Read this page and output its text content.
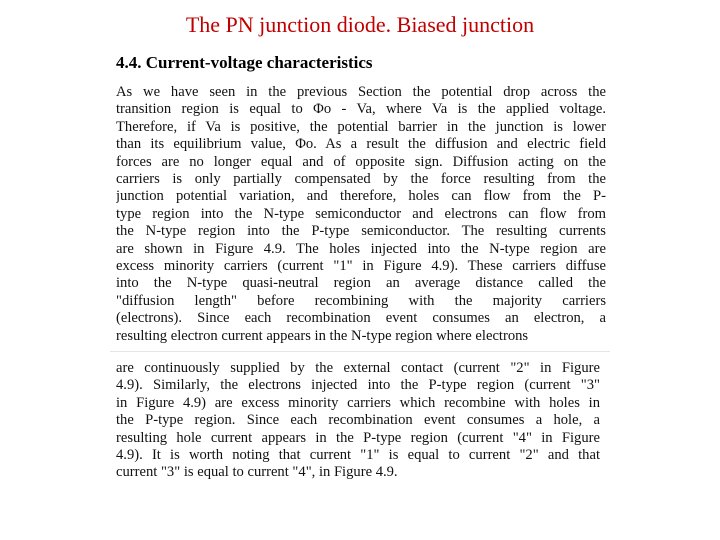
The PN junction diode. Biased junction
4.4. Current-voltage characteristics
As we have seen in the previous Section the potential drop across the
transition region is equal to Φo - Va, where Va is the applied voltage.
Therefore, if Va is positive, the potential barrier in the junction is lower
than its equilibrium value, Φo. As a result the diffusion and electric field
forces are no longer equal and of opposite sign. Diffusion acting on the
carriers is only partially compensated by the force resulting from the
junction potential variation, and therefore, holes can flow from the P-
type region into the N-type semiconductor and electrons can flow from
the N-type region into the P-type semiconductor. The resulting currents
are shown in Figure 4.9. The holes injected into the N-type region are
excess minority carriers (current "1" in Figure 4.9). These carriers diffuse
into the N-type quasi-neutral region an average distance called the
"diffusion length" before recombining with the majority carriers
(electrons). Since each recombination event consumes an electron, a
resulting electron current appears in the N-type region where electrons
are continuously supplied by the external contact (current "2" in Figure
4.9). Similarly, the electrons injected into the P-type region (current "3"
in Figure 4.9) are excess minority carriers which recombine with holes in
the P-type region. Since each recombination event consumes a hole, a
resulting hole current appears in the P-type region (current "4" in Figure
4.9). It is worth noting that current "1" is equal to current "2" and that
current "3" is equal to current "4", in Figure 4.9.
